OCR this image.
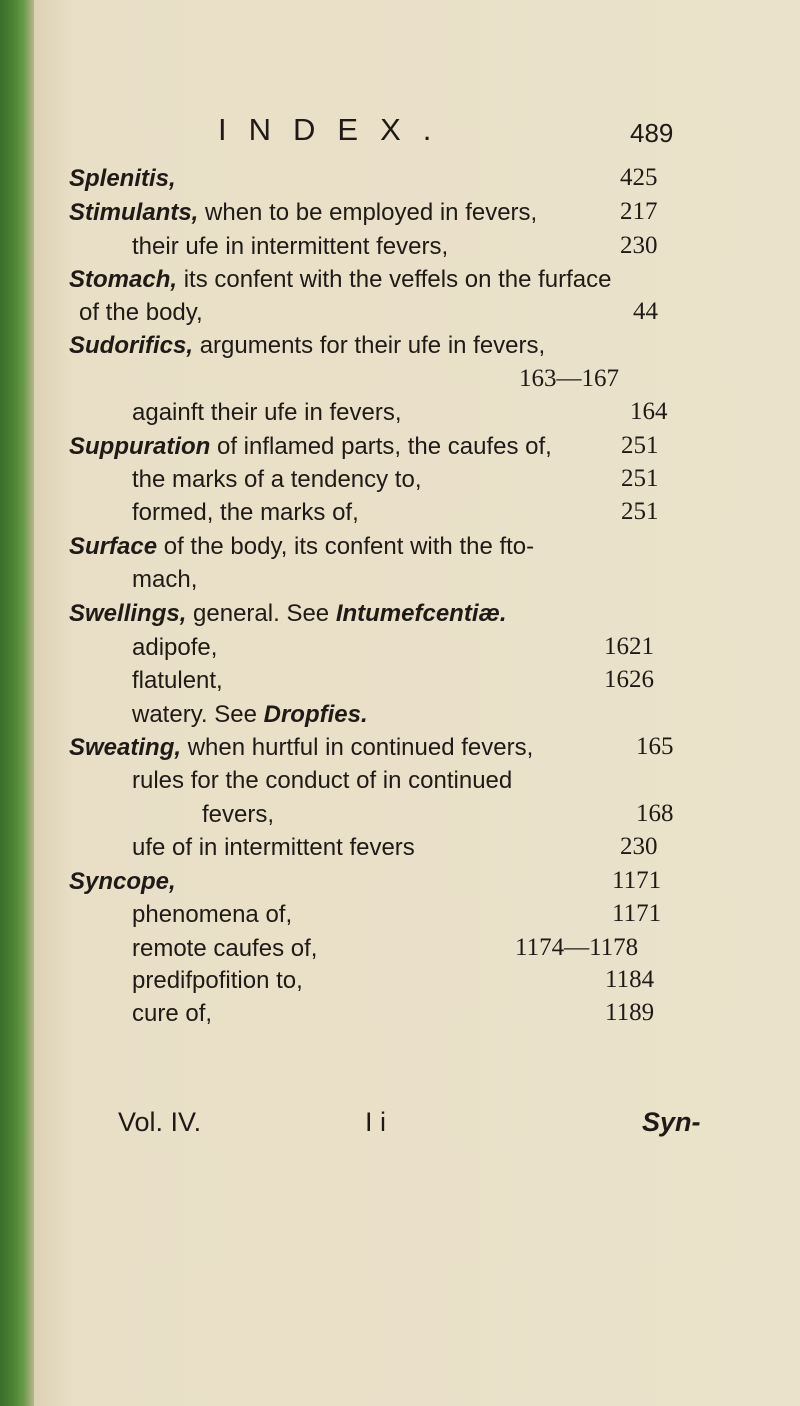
INDEX.	489
Splenitis,	425
Stimulants, when to be employed in fevers,	217
their ufe in intermittent fevers,	230
Stomach, its confent with the veffels on the furface
of the body,	44
Sudorifics, arguments for their ufe in fevers,
163—167
againft their ufe in fevers,	164
Suppuration of inflamed parts, the caufes of,	251
the marks of a tendency to,	251
formed, the marks of,	251
Surface of the body, its confent with the fto-
mach,
Swellings, general. See Intumefcentiæ.
adipofe,	1621
flatulent,	1626
watery. See Dropfies.
Sweating, when hurtful in continued fevers,	165
rules for the conduct of in continued
fevers,	168
ufe of in intermittent fevers	230
Syncope,	1171
phenomena of,	1171
remote caufes of,	1174—1178
predifpofition to,	1184
cure of,	1189
Vol. IV.	I i	Syn-
